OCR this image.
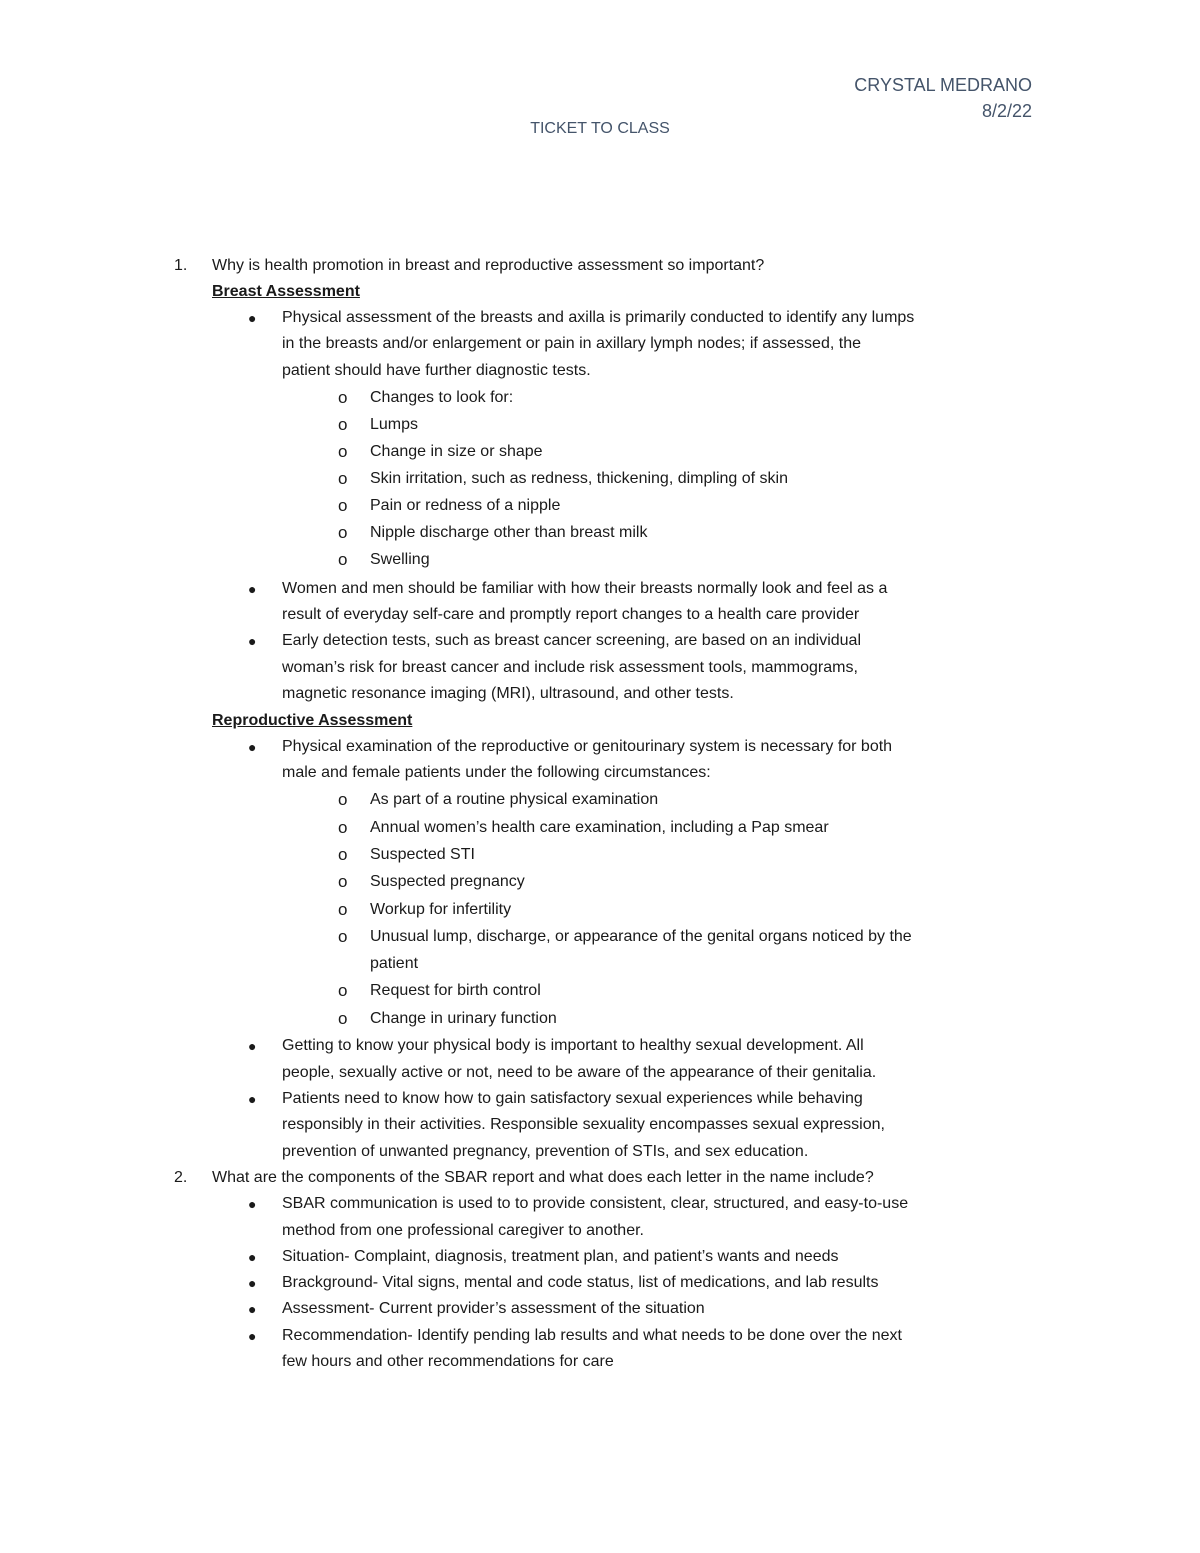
CRYSTAL MEDRANO
8/2/22
TICKET TO CLASS
1. Why is health promotion in breast and reproductive assessment so important?
Breast Assessment
● Physical assessment of the breasts and axilla is primarily conducted to identify any lumps
in the breasts and/or enlargement or pain in axillary lymph nodes; if assessed, the
patient should have further diagnostic tests.
o Changes to look for:
o Lumps
o Change in size or shape
o Skin irritation, such as redness, thickening, dimpling of skin
o Pain or redness of a nipple
o Nipple discharge other than breast milk
o Swelling
● Women and men should be familiar with how their breasts normally look and feel as a
result of everyday self-care and promptly report changes to a health care provider
● Early detection tests, such as breast cancer screening, are based on an individual
woman’s risk for breast cancer and include risk assessment tools, mammograms,
magnetic resonance imaging (MRI), ultrasound, and other tests.
Reproductive Assessment
● Physical examination of the reproductive or genitourinary system is necessary for both
male and female patients under the following circumstances:
o As part of a routine physical examination
o Annual women’s health care examination, including a Pap smear
o Suspected STI
o Suspected pregnancy
o Workup for infertility
o Unusual lump, discharge, or appearance of the genital organs noticed by the
patient
o Request for birth control
o Change in urinary function
● Getting to know your physical body is important to healthy sexual development. All
people, sexually active or not, need to be aware of the appearance of their genitalia.
● Patients need to know how to gain satisfactory sexual experiences while behaving
responsibly in their activities. Responsible sexuality encompasses sexual expression,
prevention of unwanted pregnancy, prevention of STIs, and sex education.
2. What are the components of the SBAR report and what does each letter in the name include?
● SBAR communication is used to to provide consistent, clear, structured, and easy-to-use
method from one professional caregiver to another.
● Situation- Complaint, diagnosis, treatment plan, and patient’s wants and needs
● Brackground- Vital signs, mental and code status, list of medications, and lab results
● Assessment- Current provider’s assessment of the situation
● Recommendation- Identify pending lab results and what needs to be done over the next
few hours and other recommendations for care
